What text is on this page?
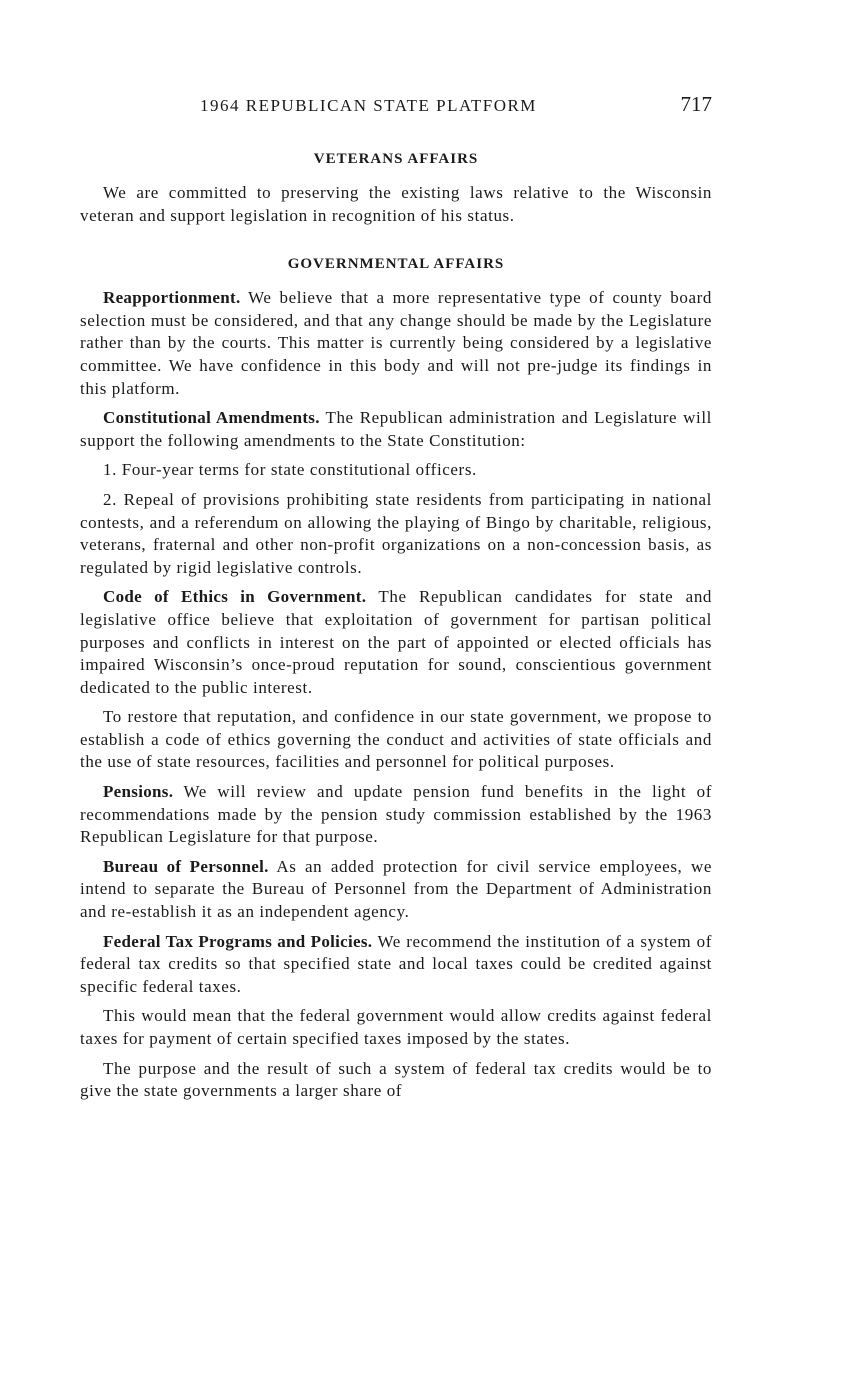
1964 REPUBLICAN STATE PLATFORM	717
VETERANS AFFAIRS

We are committed to preserving the existing laws relative to the Wisconsin veteran and support legislation in recognition of his status.

GOVERNMENTAL AFFAIRS

Reapportionment. We believe that a more representative type of county board selection must be considered, and that any change should be made by the Legislature rather than by the courts. This matter is currently being considered by a legislative committee. We have confidence in this body and will not pre-judge its findings in this platform.

Constitutional Amendments. The Republican administration and Legislature will support the following amendments to the State Constitution:

1. Four-year terms for state constitutional officers.

2. Repeal of provisions prohibiting state residents from participating in national contests, and a referendum on allowing the playing of Bingo by charitable, religious, veterans, fraternal and other non-profit organizations on a non-concession basis, as regulated by rigid legislative controls.

Code of Ethics in Government. The Republican candidates for state and legislative office believe that exploitation of government for partisan political purposes and conflicts in interest on the part of appointed or elected officials has impaired Wisconsin’s once-proud reputation for sound, conscientious government dedicated to the public interest.

To restore that reputation, and confidence in our state government, we propose to establish a code of ethics governing the conduct and activities of state officials and the use of state resources, facilities and personnel for political purposes.

Pensions. We will review and update pension fund benefits in the light of recommendations made by the pension study commission established by the 1963 Republican Legislature for that purpose.

Bureau of Personnel. As an added protection for civil service employees, we intend to separate the Bureau of Personnel from the Department of Administration and re-establish it as an independent agency.

Federal Tax Programs and Policies. We recommend the institution of a system of federal tax credits so that specified state and local taxes could be credited against specific federal taxes.

This would mean that the federal government would allow credits against federal taxes for payment of certain specified taxes imposed by the states.

The purpose and the result of such a system of federal tax credits would be to give the state governments a larger share of
